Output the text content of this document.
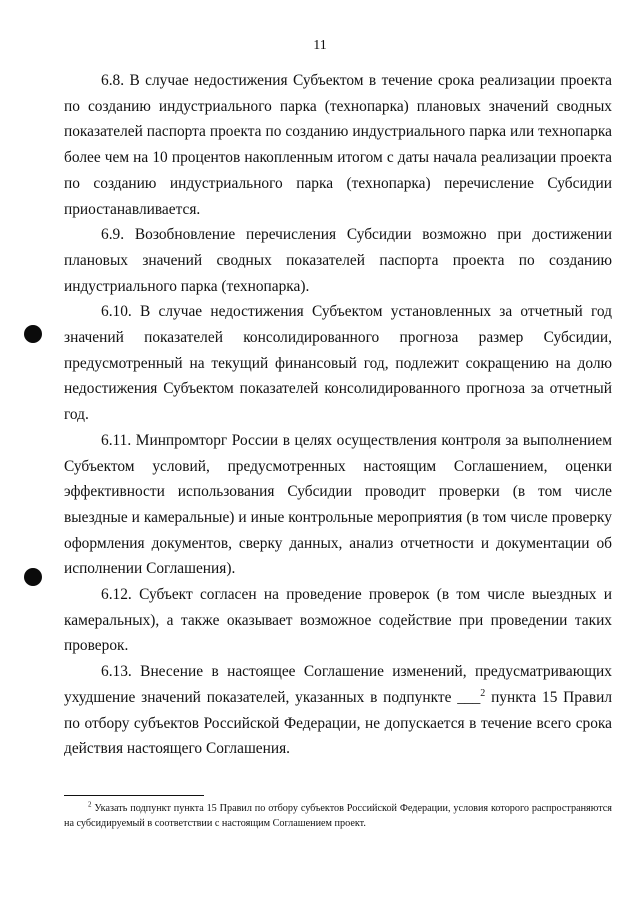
11

6.8. В случае недостижения Субъектом в течение срока реализации проекта по созданию индустриального парка (технопарка) плановых значений сводных показателей паспорта проекта по созданию индустриального парка или технопарка более чем на 10 процентов накопленным итогом с даты начала реализации проекта по созданию индустриального парка (технопарка) перечисление Субсидии приостанавливается.

6.9. Возобновление перечисления Субсидии возможно при достижении плановых значений сводных показателей паспорта проекта по созданию индустриального парка (технопарка).

6.10. В случае недостижения Субъектом установленных за отчетный год значений показателей консолидированного прогноза размер Субсидии, предусмотренный на текущий финансовый год, подлежит сокращению на долю недостижения Субъектом показателей консолидированного прогноза за отчетный год.

6.11. Минпромторг России в целях осуществления контроля за выполнением Субъектом условий, предусмотренных настоящим Соглашением, оценки эффективности использования Субсидии проводит проверки (в том числе выездные и камеральные) и иные контрольные мероприятия (в том числе проверку оформления документов, сверку данных, анализ отчетности и документации об исполнении Соглашения).

6.12. Субъект согласен на проведение проверок (в том числе выездных и камеральных), а также оказывает возможное содействие при проведении таких проверок.

6.13. Внесение в настоящее Соглашение изменений, предусматривающих ухудшение значений показателей, указанных в подпункте ___$^2$ пункта 15 Правил по отбору субъектов Российской Федерации, не допускается в течение всего срока действия настоящего Соглашения.

$^2$ Указать подпункт пункта 15 Правил по отбору субъектов Российской Федерации, условия которого распространяются на субсидируемый в соответствии с настоящим Соглашением проект.
